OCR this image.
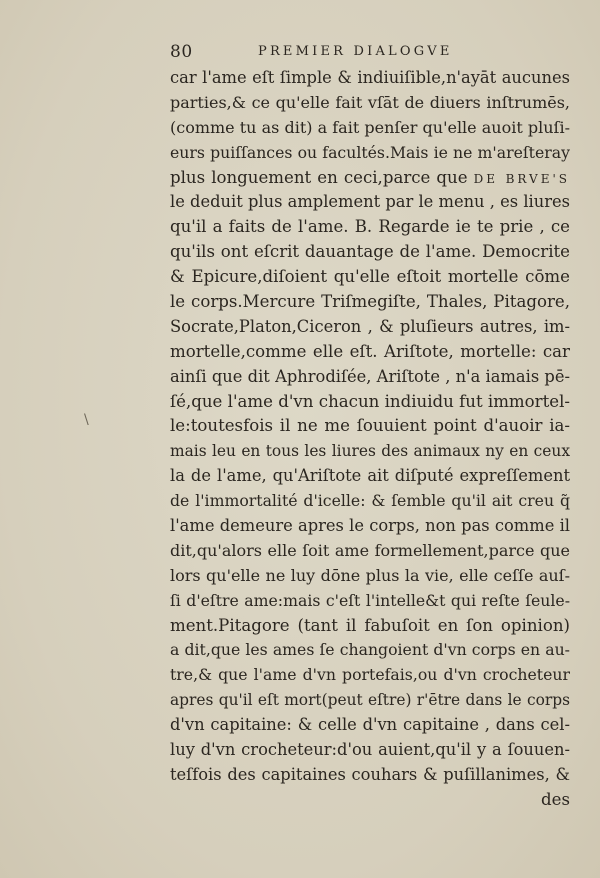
80	PREMIER DIALOGVE
\
car l'ame eſt ſimple & indiuiſible,n'ayāt aucunes
parties,& ce qu'elle fait vſāt de diuers inſtrumēs,
(comme tu as dit) a fait penſer qu'elle auoit pluſi-
eurs puiſſances ou facultés.Mais ie ne m'areſteray
plus longuement en ceci,parce que DE BRVE'S
le deduit plus amplement par le menu , es liures
qu'il a faits de l'ame. B. Regarde ie te prie , ce
qu'ils ont eſcrit dauantage de l'ame. Democrite
& Epicure,diſoient qu'elle eſtoit mortelle cōme
le corps.Mercure Triſmegiſte, Thales, Pitagore,
Socrate,Platon,Ciceron , & pluſieurs autres, im-
mortelle,comme elle eſt. Ariſtote, mortelle: car
ainſi que dit Aphrodiſée, Ariſtote , n'a iamais pē-
ſé,que l'ame d'vn chacun indiuidu fut immortel-
le:toutesfois il ne me ſouuient point d'auoir ia-
mais leu en tous les liures des animaux ny en ceux
la de l'ame, qu'Ariſtote ait diſputé expreſſement
de l'immortalité d'icelle: & ſemble qu'il ait creu q̃
l'ame demeure apres le corps, non pas comme il
dit,qu'alors elle ſoit ame formellement,parce que
lors qu'elle ne luy dōne plus la vie, elle ceſſe auſ-
ſi d'eſtre ame:mais c'eſt l'intelle&t qui reſte ſeule-
ment.Pitagore (tant il fabuſoit en ſon opinion)
a dit,que les ames ſe changoient d'vn corps en au-
tre,& que l'ame d'vn portefais,ou d'vn crocheteur
apres qu'il eſt mort(peut eſtre) r'ētre dans le corps
d'vn capitaine: & celle d'vn capitaine , dans cel-
luy d'vn crocheteur:d'ou auient,qu'il y a ſouuen-
teſfois des capitaines couhars & puſillanimes, &
des
